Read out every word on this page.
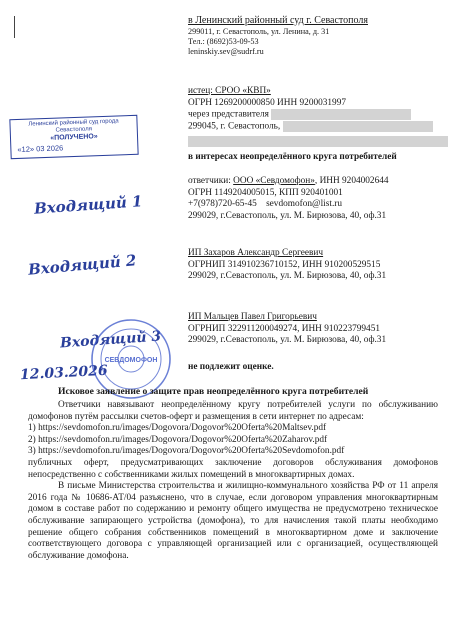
в Ленинский районный суд г. Севастополя
299011, г. Севастополь, ул. Ленина, д. 31
Тел.: (8692)53-09-53
leninskiy.sev@sudrf.ru
истец: СРОО «КВП»
ОГРН 1269200000850 ИНН 9200031997
через представителя
299045, г. Севастополь,
в интересах неопределённого круга потребителей
ответчики: ООО «Севдомофон», ИНН 9204002644
ОГРН 1149204005015, КПП 920401001
+7(978)720-65-45 sevdomofon@list.ru
299029, г.Севастополь, ул. М. Бирюзова, 40, оф.31
ИП Захаров Александр Сергеевич
ОГРНИП 314910236710152, ИНН 910200529515
299029, г.Севастополь, ул. М. Бирюзова, 40, оф.31
ИП Мальцев Павел Григорьевич
ОГРНИП 322911200049274, ИНН 910223799451
299029, г.Севастополь, ул. М. Бирюзова, 40, оф.31
не подлежит оценке.
Ленинский районный суд города Севастополя
«ПОЛУЧЕНО»
«12» 03 2026
Входящий 1
Входящий 2
Входящий 3
12.03.2026
СЕВДОМОФОН
Исковое заявление о защите прав неопределённого круга потребителей

Ответчики навязывают неопределённому кругу потребителей услуги по обслуживанию домофонов путём рассылки счетов-оферт и размещения в сети интернет по адресам:

1) https://sevdomofon.ru/images/Dogovora/Dogovor%20Oferta%20Maltsev.pdf

2) https://sevdomofon.ru/images/Dogovora/Dogovor%20Oferta%20Zaharov.pdf

3) https://sevdomofon.ru/images/Dogovora/Dogovor%20Oferta%20Sevdomofon.pdf

публичных оферт, предусматривающих заключение договоров обслуживания домофонов непосредственно с собственниками жилых помещений в многоквартирных домах.

В письме Министерства строительства и жилищно-коммунального хозяйства РФ от 11 апреля 2016 года № 10686-АТ/04 разъяснено, что в случае, если договором управления многоквартирным домом в составе работ по содержанию и ремонту общего имущества не предусмотрено техническое обслуживание запирающего устройства (домофона), то для начисления такой платы необходимо решение общего собрания собственников помещений в многоквартирном доме и заключение соответствующего договора с управляющей организацией или с организацией, осуществляющей обслуживание домофона.
